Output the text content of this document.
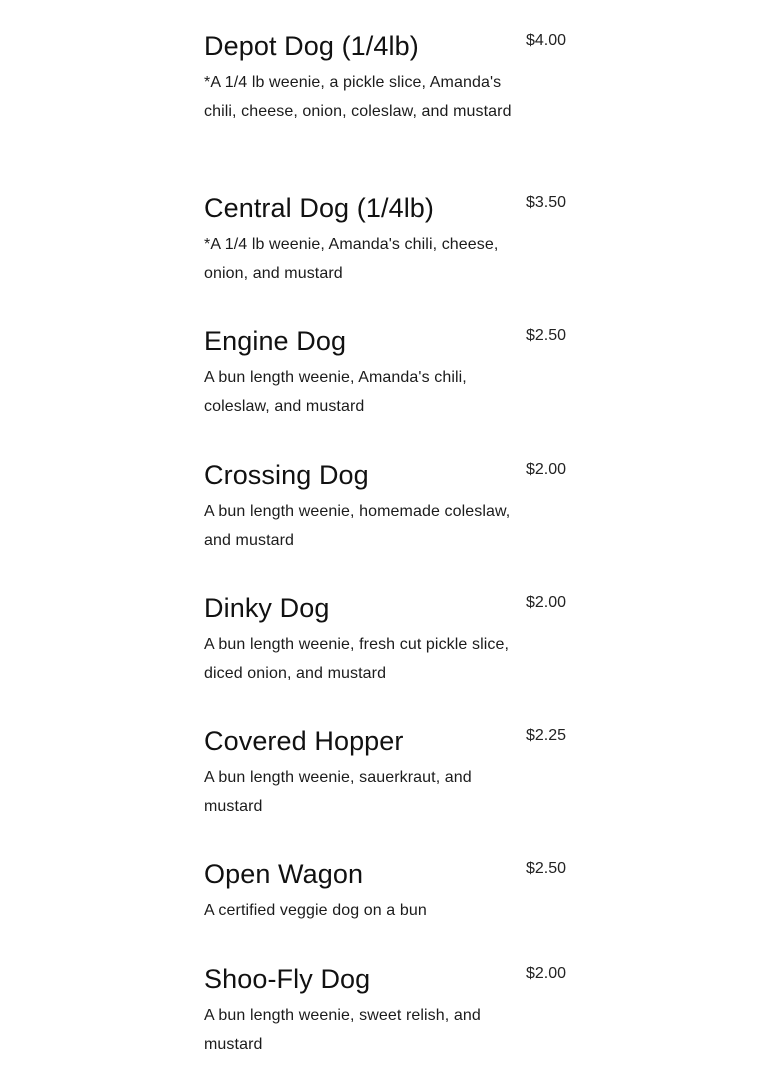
Depot Dog (1/4lb)	$4.00
*A 1/4 lb weenie, a pickle slice, Amanda's chili, cheese, onion, coleslaw, and mustard
Central Dog (1/4lb)	$3.50
*A 1/4 lb weenie, Amanda's chili, cheese, onion, and mustard
Engine Dog	$2.50
A bun length weenie, Amanda's chili, coleslaw, and mustard
Crossing Dog	$2.00
A bun length weenie, homemade coleslaw, and mustard
Dinky Dog	$2.00
A bun length weenie, fresh cut pickle slice, diced onion, and mustard
Covered Hopper	$2.25
A bun length weenie, sauerkraut, and mustard
Open Wagon	$2.50
A certified veggie dog on a bun
Shoo-Fly Dog	$2.00
A bun length weenie, sweet relish, and mustard
